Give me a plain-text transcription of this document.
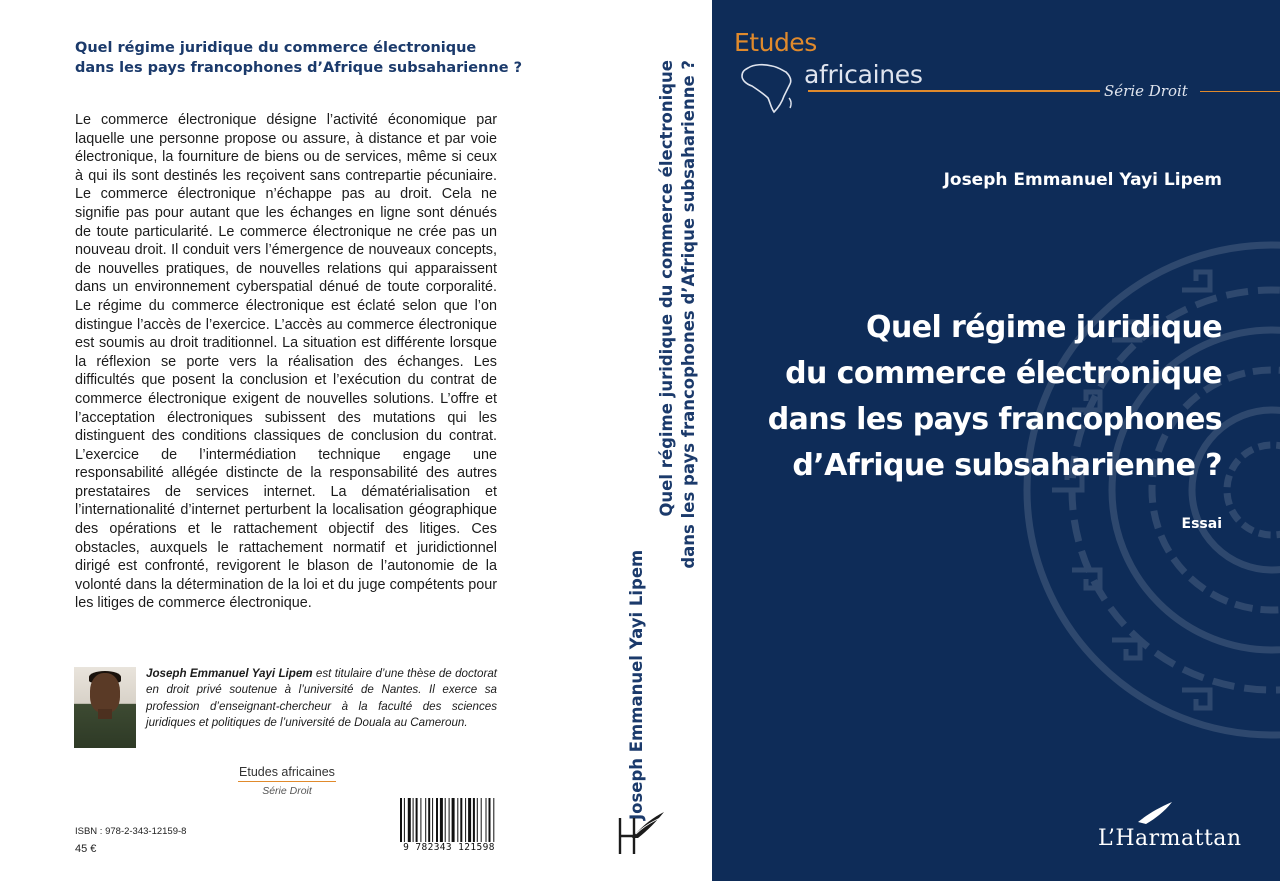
Quel régime juridique du commerce électronique
dans les pays francophones d’Afrique subsaharienne ?

Le commerce électronique désigne l’activité économique par laquelle une personne propose ou assure, à distance et par voie électronique, la fourniture de biens ou de services, même si ceux à qui ils sont destinés les reçoivent sans contrepartie pécuniaire. Le commerce électronique n’échappe pas au droit. Cela ne signifie pas pour autant que les échanges en ligne sont dénués de toute particularité. Le commerce électronique ne crée pas un nouveau droit. Il conduit vers l’émergence de nouveaux concepts, de nouvelles pratiques, de nouvelles relations qui apparaissent dans un environnement cyberspatial dénué de toute corporalité. Le régime du commerce électronique est éclaté selon que l’on distingue l’accès de l’exercice. L’accès au commerce électronique est soumis au droit traditionnel. La situation est différente lorsque la réflexion se porte vers la réalisation des échanges. Les difficultés que posent la conclusion et l’exécution du contrat de commerce électronique exigent de nouvelles solutions. L’offre et l’acceptation électroniques subissent des mutations qui les distinguent des conditions classiques de conclusion du contrat. L’exercice de l’intermédiation technique engage une responsabilité allégée distincte de la responsabilité des autres prestataires de services internet. La dématérialisation et l’internationalité d’internet perturbent la localisation géographique des opérations et le rattachement objectif des litiges. Ces obstacles, auxquels le rattachement normatif et juridictionnel dirigé est confronté, revigorent le blason de l’autonomie de la volonté dans la détermination de la loi et du juge compétents pour les litiges de commerce électronique.

Joseph Emmanuel Yayi Lipem est titulaire d’une thèse de doctorat en droit privé soutenue à l’université de Nantes. Il exerce sa profession d’enseignant-chercheur à la faculté des sciences juridiques et politiques de l’université de Douala au Cameroun.

Etudes africaines
Série Droit
ISBN : 978-2-343-12159-8
45 €	9 782343 121598
Joseph Emmanuel Yayi Lipem
Quel régime juridique du commerce électronique dans les pays francophones d’Afrique subsaharienne ?
Etudes
africaines
Série Droit
Joseph Emmanuel Yayi Lipem
Quel régime juridique
du commerce électronique
dans les pays francophones
d’Afrique subsaharienne ?
Essai
L’Harmattan
